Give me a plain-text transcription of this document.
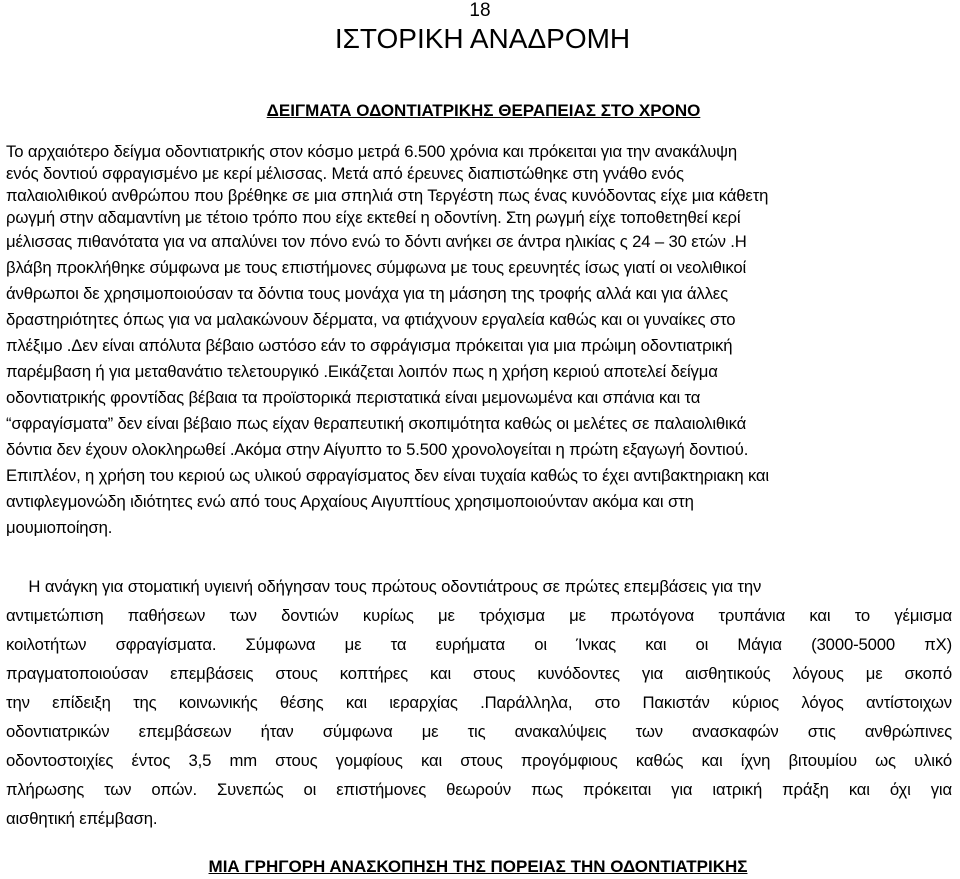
18
ΙΣΤΟΡΙΚΗ ΑΝΑΔΡΟΜΗ
ΔΕΙΓΜΑΤΑ ΟΔΟΝΤΙΑΤΡΙΚΗΣ ΘΕΡΑΠΕΙΑΣ ΣΤΟ ΧΡΟΝΟ
Το αρχαιότερο δείγμα οδοντιατρικής στον κόσμο μετρά 6.500 χρόνια και πρόκειται για την ανακάλυψη
ενός δοντιού σφραγισμένο με κερί μέλισσας. Μετά από έρευνες διαπιστώθηκε στη γνάθο ενός
παλαιολιθικού ανθρώπου που βρέθηκε σε μια σπηλιά στη Τεργέστη πως ένας κυνόδοντας είχε μια κάθετη
ρωγμή στην αδαμαντίνη με τέτοιο τρόπο που είχε εκτεθεί η οδοντίνη. Στη ρωγμή είχε τοποθετηθεί κερί
μέλισσας πιθανότατα για να απαλύνει τον πόνο ενώ το δόντι ανήκει σε άντρα ηλικίας ς 24 – 30 ετών .Η
βλάβη προκλήθηκε σύμφωνα με τους επιστήμονες σύμφωνα με τους ερευνητές ίσως γιατί οι νεολιθικοί
άνθρωποι δε χρησιμοποιούσαν τα δόντια τους μονάχα για τη μάσηση της τροφής αλλά και για άλλες
δραστηριότητες όπως για να μαλακώνουν δέρματα, να φτιάχνουν εργαλεία καθώς και οι γυναίκες στο
πλέξιμο .Δεν είναι απόλυτα βέβαιο ωστόσο εάν το σφράγισμα πρόκειται για μια πρώιμη οδοντιατρική
παρέμβαση ή για μεταθανάτιο τελετουργικό .Εικάζεται λοιπόν πως η χρήση κεριού αποτελεί δείγμα
οδοντιατρικής φροντίδας βέβαια τα προϊστορικά περιστατικά είναι μεμονωμένα και σπάνια και τα
“σφραγίσματα” δεν είναι βέβαιο πως είχαν θεραπευτική σκοπιμότητα καθώς οι μελέτες σε παλαιολιθικά
δόντια δεν έχουν ολοκληρωθεί .Ακόμα στην Αίγυπτο το 5.500 χρονολογείται η πρώτη εξαγωγή δοντιού.
Επιπλέον, η χρήση του κεριού ως υλικού σφραγίσματος δεν είναι τυχαία καθώς το έχει αντιβακτηριακη και
αντιφλεγμονώδη ιδιότητες ενώ από τους Αρχαίους Αιγυπτίους χρησιμοποιούνταν ακόμα και στη
μουμιοποίηση.
Η ανάγκη για στοματική υγιεινή οδήγησαν τους πρώτους οδοντιάτρους σε πρώτες επεμβάσεις για την
αντιμετώπιση παθήσεων των δοντιών κυρίως με τρόχισμα με πρωτόγονα τρυπάνια και το γέμισμα
κοιλοτήτων σφραγίσματα. Σύμφωνα με τα ευρήματα οι Ίνκας και οι Μάγια (3000-5000 πΧ)
πραγματοποιούσαν επεμβάσεις στους κοπτήρες και στους κυνόδοντες για αισθητικούς λόγους με σκοπό
την επίδειξη της κοινωνικής θέσης και ιεραρχίας .Παράλληλα, στο Πακιστάν κύριος λόγος αντίστοιχων
οδοντιατρικών επεμβάσεων ήταν σύμφωνα με τις ανακαλύψεις των ανασκαφών στις ανθρώπινες
οδοντοστοιχίες έντος 3,5 mm στους γομφίους και στους προγόμφιους καθώς και ίχνη βιτουμίου ως υλικό
πλήρωσης των οπών. Συνεπώς οι επιστήμονες θεωρούν πως πρόκειται για ιατρική πράξη και όχι για
αισθητική επέμβαση.
ΜΙΑ ΓΡΗΓΟΡΗ ΑΝΑΣΚΟΠΗΣΗ ΤΗΣ ΠΟΡΕΙΑΣ ΤΗΝ ΟΔΟΝΤΙΑΤΡΙΚΗΣ
